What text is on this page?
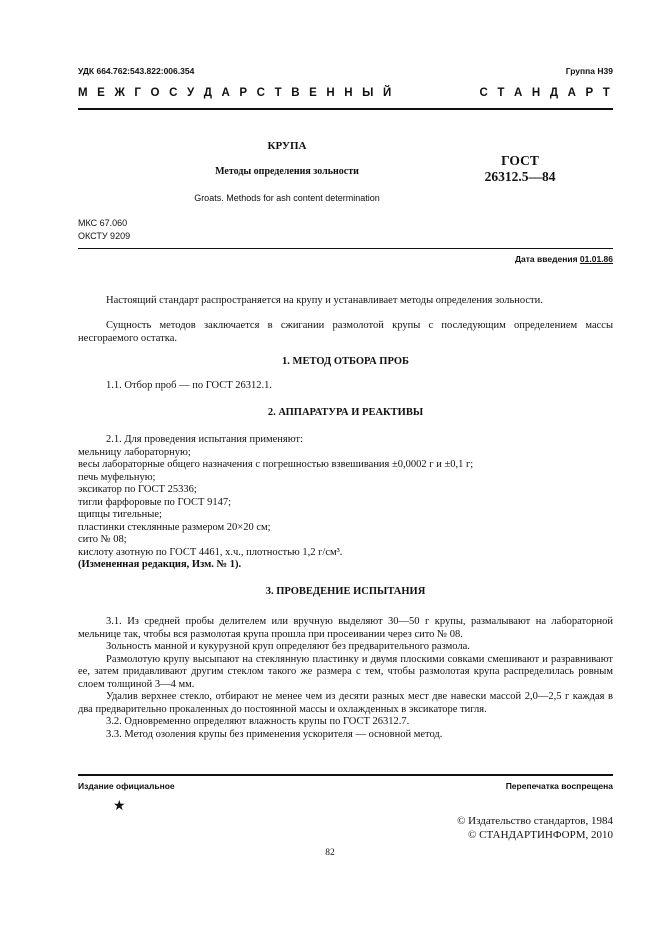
УДК 664.762:543.822:006.354	Группа Н39
М Е Ж Г О С У Д А Р С Т В Е Н Н Ы Й	С Т А Н Д А Р Т
КРУПА
Методы определения зольности
ГОСТ
26312.5—84
Groats. Methods for ash content determination
МКС 67.060
ОКСТУ 9209
Дата введения 01.01.86
Настоящий стандарт распространяется на крупу и устанавливает методы определения зольности.
Сущность методов заключается в сжигании размолотой крупы с последующим определением массы несгораемого остатка.
1. МЕТОД ОТБОРА ПРОБ
1.1. Отбор проб — по ГОСТ 26312.1.
2. АППАРАТУРА И РЕАКТИВЫ
2.1. Для проведения испытания применяют:
мельницу лабораторную;
весы лабораторные общего назначения с погрешностью взвешивания ±0,0002 г и ±0,1 г;
печь муфельную;
эксикатор по ГОСТ 25336;
тигли фарфоровые по ГОСТ 9147;
щипцы тигельные;
пластинки стеклянные размером 20×20 см;
сито № 08;
кислоту азотную по ГОСТ 4461, х.ч., плотностью 1,2 г/см³.
(Измененная редакция, Изм. № 1).
3. ПРОВЕДЕНИЕ ИСПЫТАНИЯ
3.1. Из средней пробы делителем или вручную выделяют 30—50 г крупы, размалывают на лабораторной мельнице так, чтобы вся размолотая крупа прошла при просеивании через сито № 08.
Зольность манной и кукурузной круп определяют без предварительного размола.
Размолотую крупу высыпают на стеклянную пластинку и двумя плоскими совками смешивают и разравнивают ее, затем придавливают другим стеклом такого же размера с тем, чтобы размолотая крупа распределилась ровным слоем толщиной 3—4 мм.
Удалив верхнее стекло, отбирают не менее чем из десяти разных мест две навески массой 2,0—2,5 г каждая в два предварительно прокаленных до постоянной массы и охлажденных в эксикаторе тигля.
3.2. Одновременно определяют влажность крупы по ГОСТ 26312.7.
3.3. Метод озоления крупы без применения ускорителя — основной метод.
Издание официальное	Перепечатка воспрещена
★
© Издательство стандартов, 1984
© СТАНДАРТИНФОРМ, 2010
82
